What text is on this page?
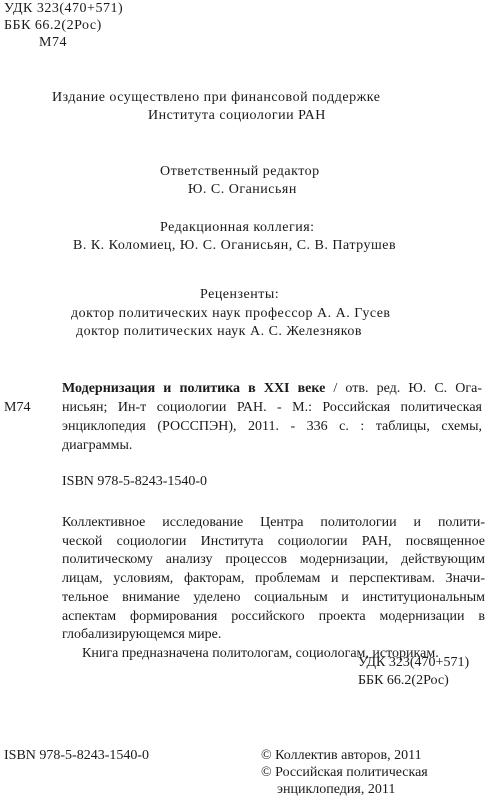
УДК 323(470+571)
ББК 66.2(2Рос)
М74
Издание осуществлено при финансовой поддержке
Института социологии РАН
Ответственный редактор
Ю. С. Оганисьян
Редакционная коллегия:
В. К. Коломиец, Ю. С. Оганисьян, С. В. Патрушев
Рецензенты:
доктор политических наук профессор А. А. Гусев
доктор политических наук А. С. Железняков
М74
Модернизация и политика в XXI веке / отв. ред. Ю. С. Ога-
нисьян; Ин-т социологии РАН. - М.: Российская политическая
энциклопедия (РОССПЭН), 2011. - 336 с. : таблицы, схемы,
диаграммы.
ISBN 978-5-8243-1540-0
Коллективное исследование Центра политологии и полити-
ческой социологии Института социологии РАН, посвященное
политическому анализу процессов модернизации, действующим
лицам, условиям, факторам, проблемам и перспективам. Значи-
тельное внимание уделено социальным и институциональным
аспектам формирования российского проекта модернизации в
глобализирующемся мире.
Книга предназначена политологам, социологам, историкам.
УДК 323(470+571)
ББК 66.2(2Рос)
ISBN 978-5-8243-1540-0	© Коллектив авторов, 2011
© Российская политическая
энциклопедия, 2011
